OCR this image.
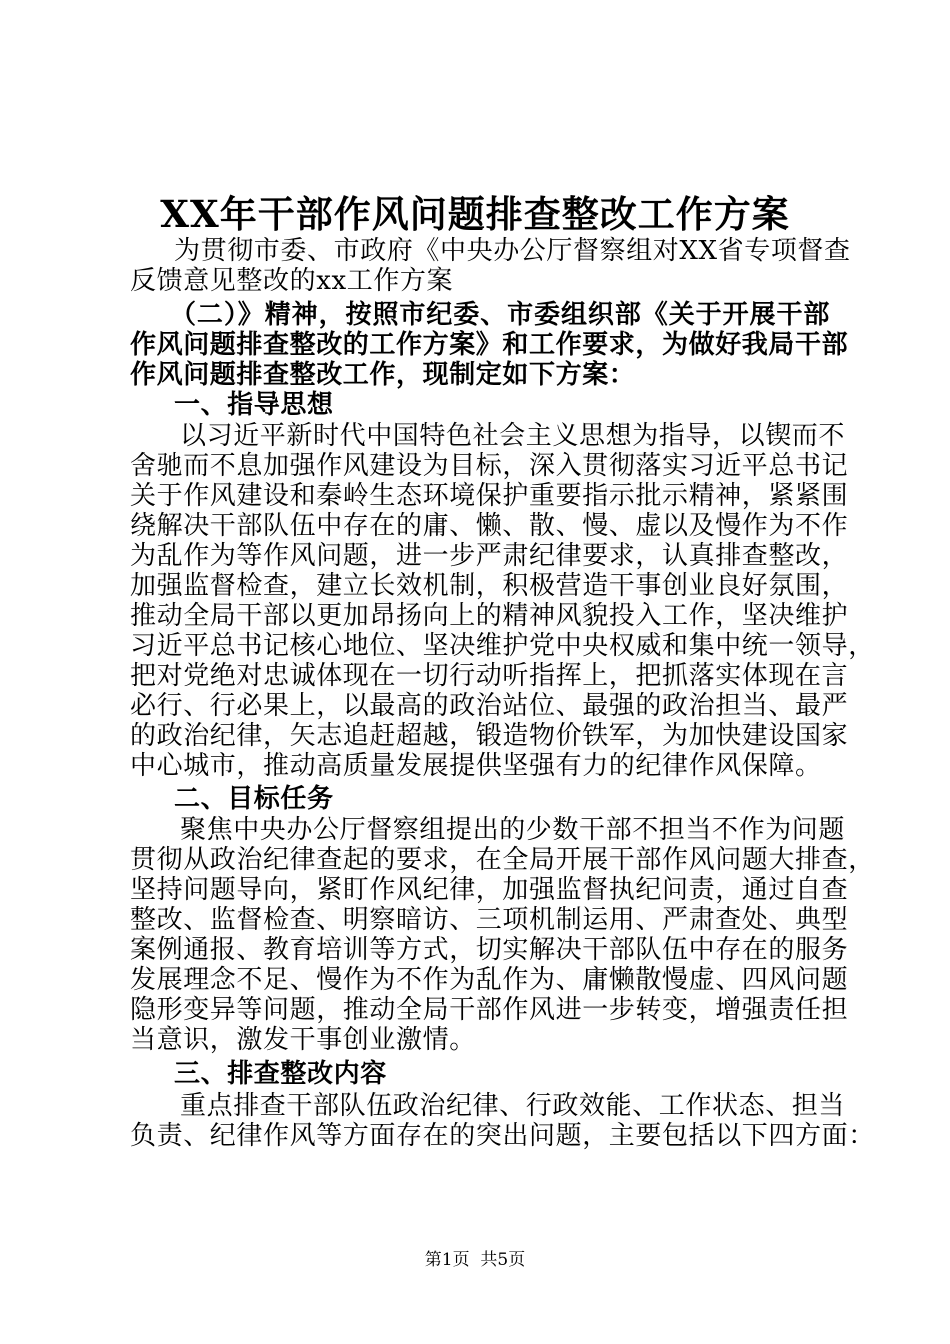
XX年干部作风问题排查整改工作方案
为贯彻市委、市政府《中央办公厅督察组对XX省专项督查
反馈意见整改的xx工作方案
（二）》精神，按照市纪委、市委组织部《关于开展干部
作风问题排查整改的工作方案》和工作要求，为做好我局干部
作风问题排查整改工作，现制定如下方案：
一、指导思想
以习近平新时代中国特色社会主义思想为指导，以锲而不
舍驰而不息加强作风建设为目标，深入贯彻落实习近平总书记
关于作风建设和秦岭生态环境保护重要指示批示精神，紧紧围
绕解决干部队伍中存在的庸、懒、散、慢、虚以及慢作为不作
为乱作为等作风问题，进一步严肃纪律要求，认真排查整改，
加强监督检查，建立长效机制，积极营造干事创业良好氛围，
推动全局干部以更加昂扬向上的精神风貌投入工作，坚决维护
习近平总书记核心地位、坚决维护党中央权威和集中统一领导，
把对党绝对忠诚体现在一切行动听指挥上，把抓落实体现在言
必行、行必果上，以最高的政治站位、最强的政治担当、最严
的政治纪律，矢志追赶超越，锻造物价铁军，为加快建设国家
中心城市，推动高质量发展提供坚强有力的纪律作风保障。
二、目标任务
聚焦中央办公厅督察组提出的少数干部不担当不作为问题
贯彻从政治纪律查起的要求，在全局开展干部作风问题大排查，
坚持问题导向，紧盯作风纪律，加强监督执纪问责，通过自查
整改、监督检查、明察暗访、三项机制运用、严肃查处、典型
案例通报、教育培训等方式，切实解决干部队伍中存在的服务
发展理念不足、慢作为不作为乱作为、庸懒散慢虚、四风问题
隐形变异等问题，推动全局干部作风进一步转变，增强责任担
当意识，激发干事创业激情。
三、排查整改内容
重点排查干部队伍政治纪律、行政效能、工作状态、担当
负责、纪律作风等方面存在的突出问题，主要包括以下四方面：
第1页  共5页
